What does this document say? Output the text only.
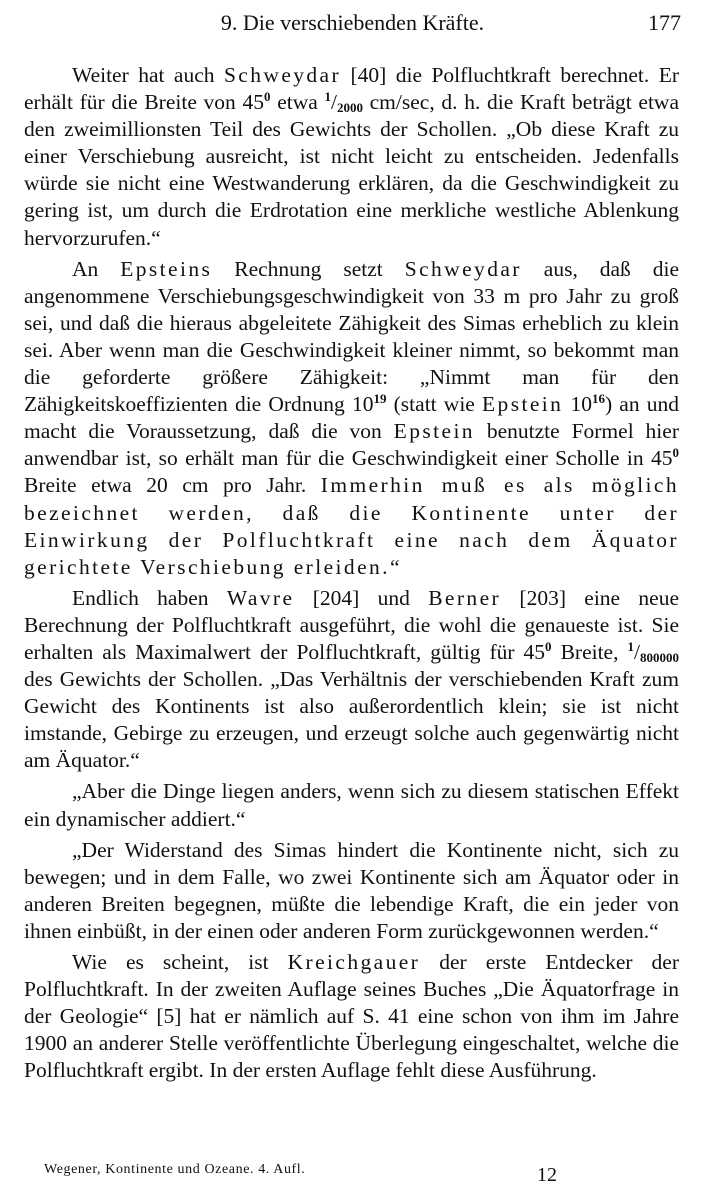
9. Die verschiebenden Kräfte.	177

Weiter hat auch Schweydar [40] die Polfluchtkraft berechnet. Er erhält für die Breite von $45^0$ etwa $^1/_{2000}$ cm/sec, d. h. die Kraft beträgt etwa den zweimillionsten Teil des Gewichts der Schollen. „Ob diese Kraft zu einer Verschiebung ausreicht, ist nicht leicht zu entscheiden. Jedenfalls würde sie nicht eine Westwanderung erklären, da die Geschwindigkeit zu gering ist, um durch die Erdrotation eine merkliche westliche Ablenkung hervorzurufen.“

An Epsteins Rechnung setzt Schweydar aus, daß die angenommene Verschiebungsgeschwindigkeit von 33 m pro Jahr zu groß sei, und daß die hieraus abgeleitete Zähigkeit des Simas erheblich zu klein sei. Aber wenn man die Geschwindigkeit kleiner nimmt, so bekommt man die geforderte größere Zähigkeit: „Nimmt man für den Zähigkeitskoeffizienten die Ordnung $10^{19}$ (statt wie Epstein $10^{16}$) an und macht die Voraussetzung, daß die von Epstein benutzte Formel hier anwendbar ist, so erhält man für die Geschwindigkeit einer Scholle in $45^0$ Breite etwa 20 cm pro Jahr. Immerhin muß es als möglich bezeichnet werden, daß die Kontinente unter der Einwirkung der Polfluchtkraft eine nach dem Äquator gerichtete Verschiebung erleiden.“

Endlich haben Wavre [204] und Berner [203] eine neue Berechnung der Polfluchtkraft ausgeführt, die wohl die genaueste ist. Sie erhalten als Maximalwert der Polfluchtkraft, gültig für $45^0$ Breite, $^1/_{800000}$ des Gewichts der Schollen. „Das Verhältnis der verschiebenden Kraft zum Gewicht des Kontinents ist also außerordentlich klein; sie ist nicht imstande, Gebirge zu erzeugen, und erzeugt solche auch gegenwärtig nicht am Äquator.“

„Aber die Dinge liegen anders, wenn sich zu diesem statischen Effekt ein dynamischer addiert.“

„Der Widerstand des Simas hindert die Kontinente nicht, sich zu bewegen; und in dem Falle, wo zwei Kontinente sich am Äquator oder in anderen Breiten begegnen, müßte die lebendige Kraft, die ein jeder von ihnen einbüßt, in der einen oder anderen Form zurückgewonnen werden.“

Wie es scheint, ist Kreichgauer der erste Entdecker der Polfluchtkraft. In der zweiten Auflage seines Buches „Die Äquatorfrage in der Geologie“ [5] hat er nämlich auf S. 41 eine schon von ihm im Jahre 1900 an anderer Stelle veröffentlichte Überlegung eingeschaltet, welche die Polfluchtkraft ergibt. In der ersten Auflage fehlt diese Ausführung.

Wegener, Kontinente und Ozeane. 4. Aufl.	12
